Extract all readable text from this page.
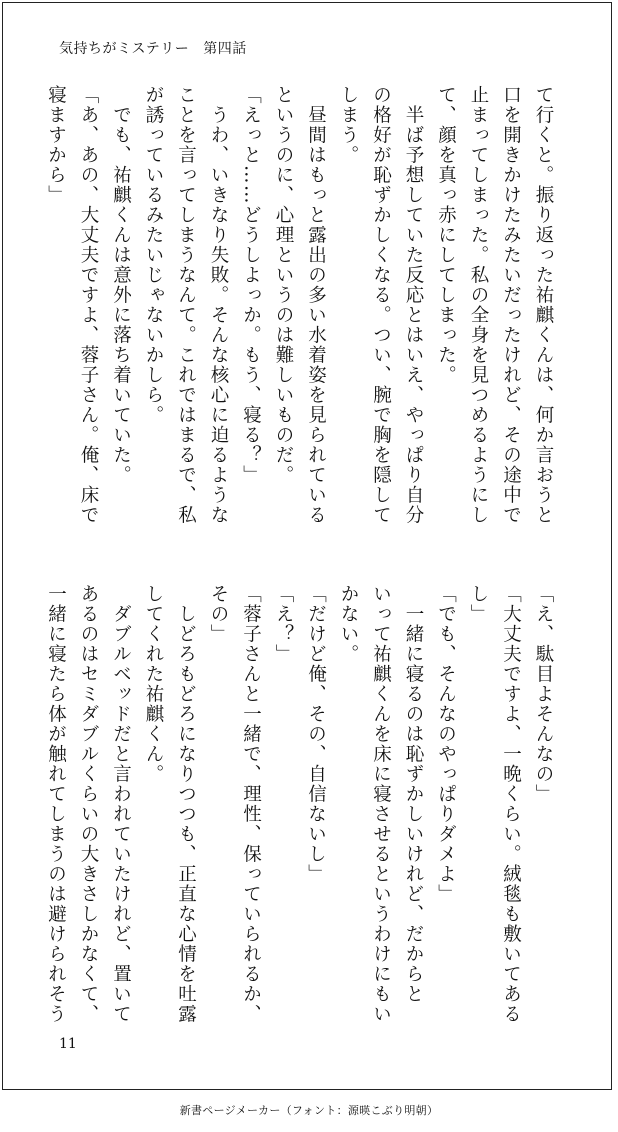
気持ちがミステリー 第四話

て行くと。振り返った祐麒くんは、何か言おうと

口を開きかけたみたいだったけれど、その途中で

止まってしまった。私の全身を見つめるようにし

て、顔を真っ赤にしてしまった。

　半ば予想していた反応とはいえ、やっぱり自分

の格好が恥ずかしくなる。つい、腕で胸を隠して

しまう。

　昼間はもっと露出の多い水着姿を見られている

というのに、心理というのは難しいものだ。

「えっと……どうしよっか。もう、寝る？」

　うわ、いきなり失敗。そんな核心に迫るような

ことを言ってしまうなんて。これではまるで、私

が誘っているみたいじゃないかしら。

　でも、祐麒くんは意外に落ち着いていた。

「あ、あの、大丈夫ですよ、蓉子さん。俺、床で

寝ますから」

「え、駄目よそんなの」

「大丈夫ですよ、一晩くらい。絨毯も敷いてある

し」

「でも、そんなのやっぱりダメよ」

　一緒に寝るのは恥ずかしいけれど、だからと

いって祐麒くんを床に寝させるというわけにもい

かない。

「だけど俺、その、自信ないし」

「え？」

「蓉子さんと一緒で、理性、保っていられるか、

その」

　しどろもどろになりつつも、正直な心情を吐露

してくれた祐麒くん。

　ダブルベッドだと言われていたけれど、置いて

あるのはセミダブルくらいの大きさしかなくて、

一緒に寝たら体が触れてしまうのは避けられそう

11
新書ページメーカー（フォント：源暎こぶり明朝）
